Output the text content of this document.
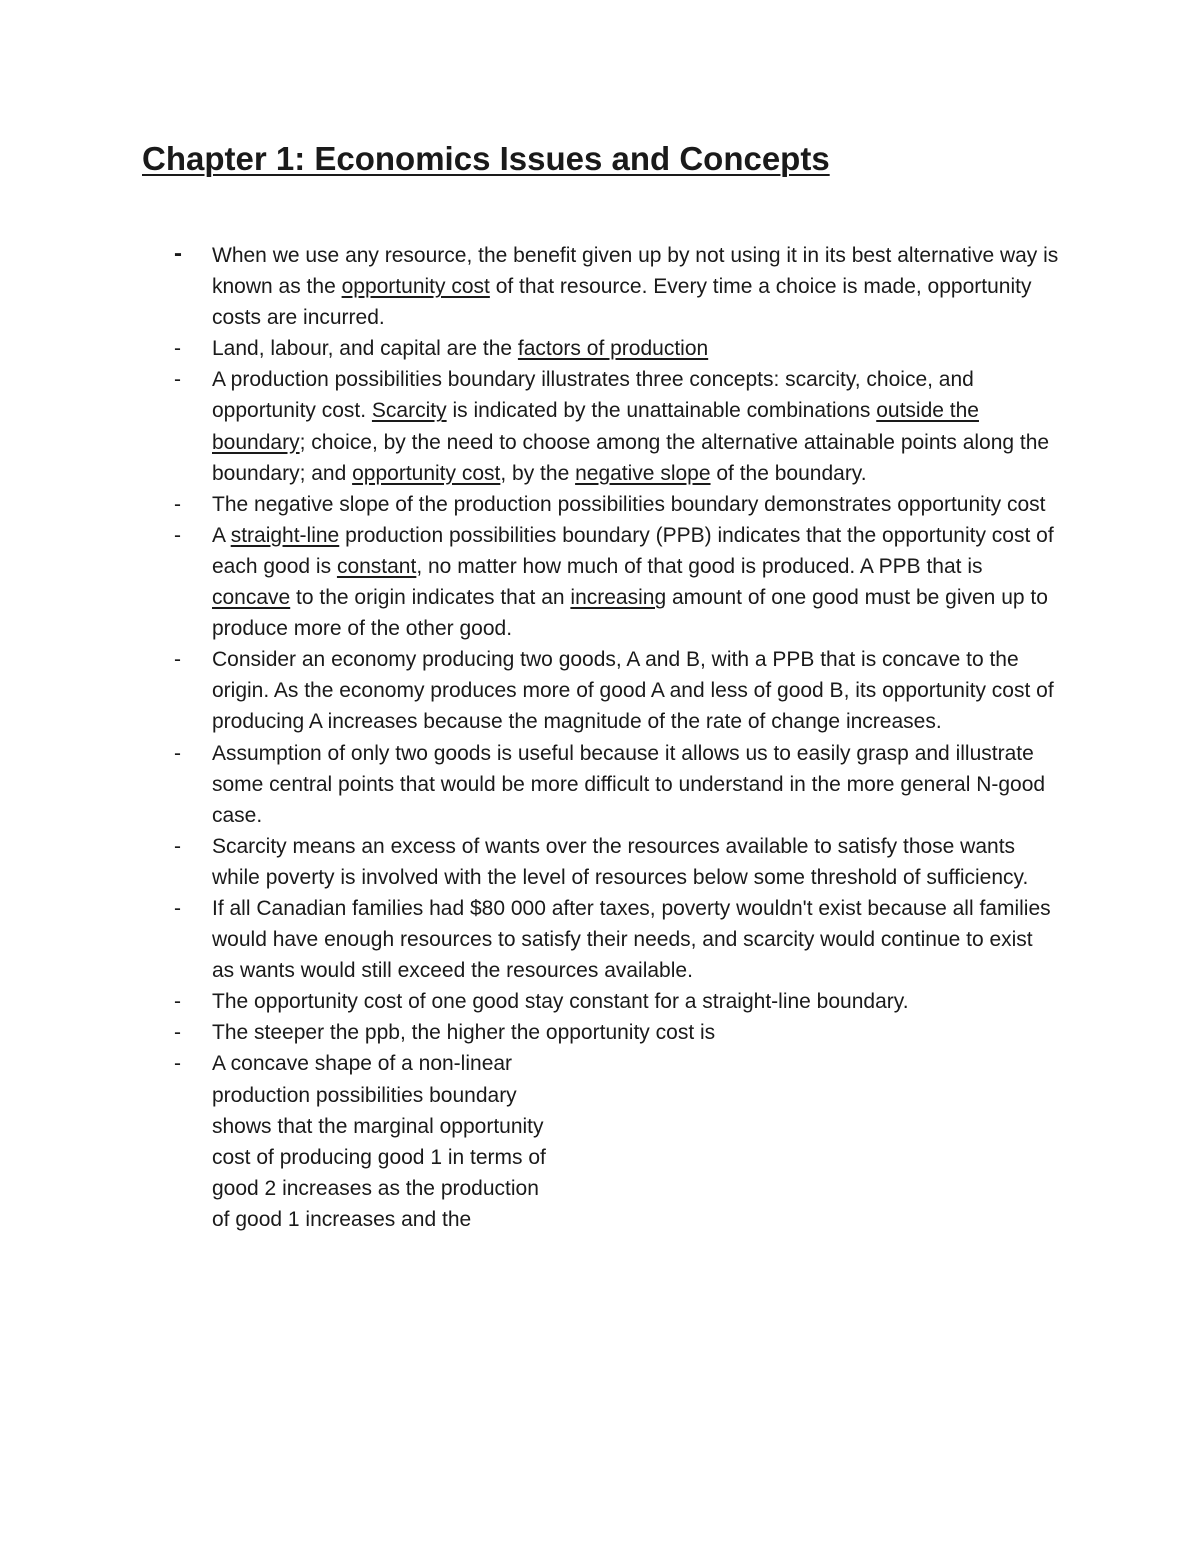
Chapter 1: Economics Issues and Concepts
- When we use any resource, the benefit given up by not using it in its best alternative way is known as the opportunity cost of that resource. Every time a choice is made, opportunity costs are incurred.
- Land, labour, and capital are the factors of production
- A production possibilities boundary illustrates three concepts: scarcity, choice, and opportunity cost. Scarcity is indicated by the unattainable combinations outside the boundary; choice, by the need to choose among the alternative attainable points along the boundary; and opportunity cost, by the negative slope of the boundary.
- The negative slope of the production possibilities boundary demonstrates opportunity cost
- A straight-line production possibilities boundary (PPB) indicates that the opportunity cost of each good is constant, no matter how much of that good is produced. A PPB that is concave to the origin indicates that an increasing amount of one good must be given up to produce more of the other good.
- Consider an economy producing two goods, A and B, with a PPB that is concave to the origin. As the economy produces more of good A and less of good B, its opportunity cost of producing A increases because the magnitude of the rate of change increases.
- Assumption of only two goods is useful because it allows us to easily grasp and illustrate some central points that would be more difficult to understand in the more general N-good case.
- Scarcity means an excess of wants over the resources available to satisfy those wants while poverty is involved with the level of resources below some threshold of sufficiency.
- If all Canadian families had $80 000 after taxes, poverty wouldn't exist because all families would have enough resources to satisfy their needs, and scarcity would continue to exist as wants would still exceed the resources available.
- The opportunity cost of one good stay constant for a straight-line boundary.
- The steeper the ppb, the higher the opportunity cost is
- A concave shape of a non-linear production possibilities boundary shows that the marginal opportunity cost of producing good 1 in terms of good 2 increases as the production of good 1 increases and the
